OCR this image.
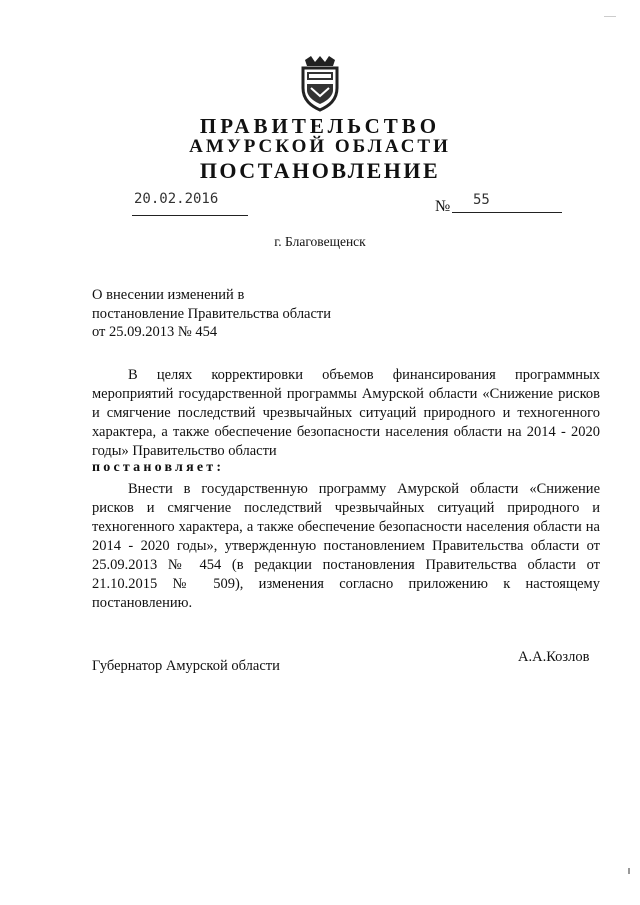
ПРАВИТЕЛЬСТВО
АМУРСКОЙ ОБЛАСТИ
ПОСТАНОВЛЕНИЕ
20.02.2016	№ 55
г. Благовещенск
О внесении изменений в постановление Правительства области от 25.09.2013 № 454
В целях корректировки объемов финансирования программных мероприятий государственной программы Амурской области «Снижение рисков и смягчение последствий чрезвычайных ситуаций природного и техногенного характера, а также обеспечение безопасности населения области на 2014 - 2020 годы» Правительство области
постановляет:
Внести в государственную программу Амурской области «Снижение рисков и смягчение последствий чрезвычайных ситуаций природного и техногенного характера, а также обеспечение безопасности населения области на 2014 - 2020 годы», утвержденную постановлением Правительства области от 25.09.2013 № 454 (в редакции постановления Правительства области от 21.10.2015 № 509), изменения согласно приложению к настоящему постановлению.
Губернатор Амурской области
А.А.Козлов
